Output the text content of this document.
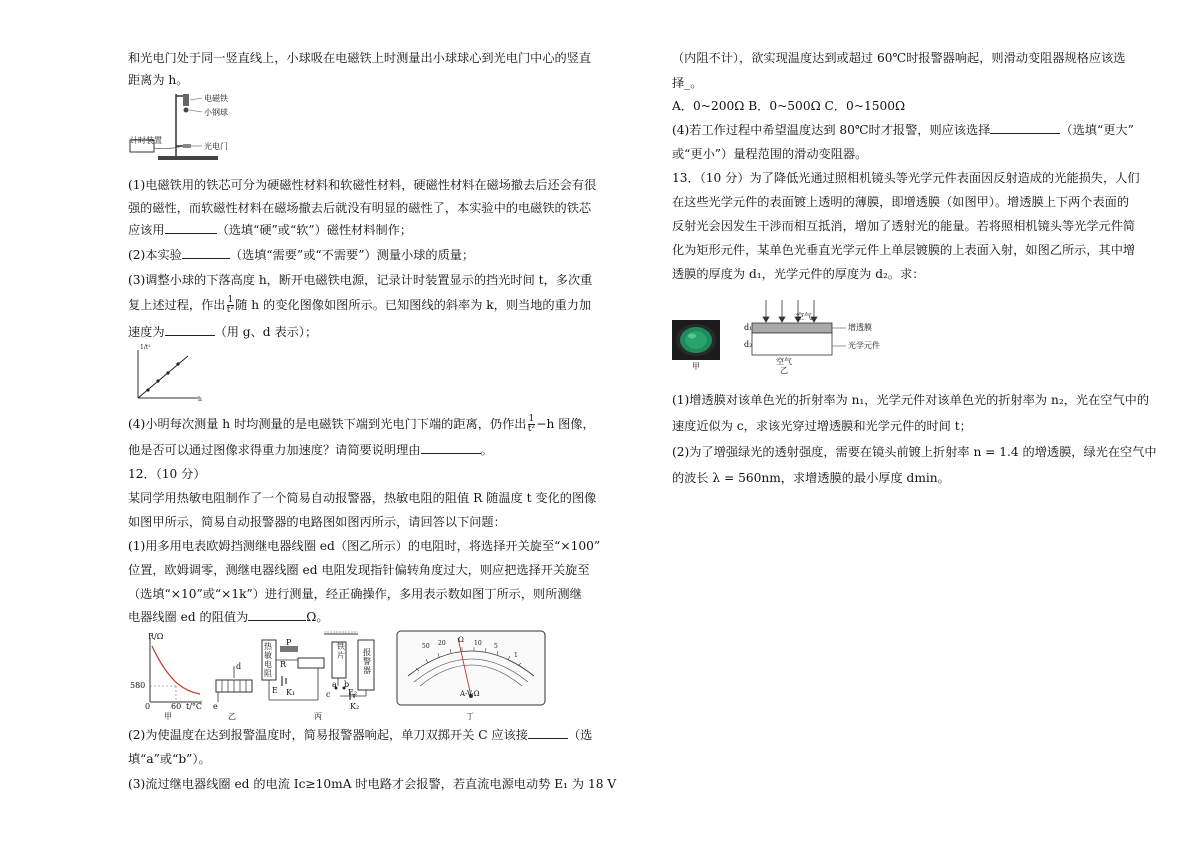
和光电门处于同一竖直线上，小球吸在电磁铁上时测量出小球球心到光电门中心的竖直
距离为 h。
电磁铁
小钢球
计时装置
光电门
(1)电磁铁用的铁芯可分为硬磁性材料和软磁性材料，硬磁性材料在磁场撤去后还会有很
强的磁性，而软磁性材料在磁场撤去后就没有明显的磁性了，本实验中的电磁铁的铁芯
应该用	（选填“硬”或“软”）磁性材料制作；
(2)本实验	（选填“需要”或“不需要”）测量小球的质量；
(3)调整小球的下落高度 h，断开电磁铁电源，记录计时装置显示的挡光时间 t，多次重
复上述过程，作出 $\frac{1}{\text{t²}}$ 随 h 的变化图像如图所示。已知图线的斜率为 k，则当地的重力加
速度为	（用 g、d 表示）；
1/t²
h
(4)小明每次测量 h 时均测量的是电磁铁下端到光电门下端的距离，仍作出 $\frac{1}{\text{t²}} -h$ 图像，
他是否可以通过图像求得重力加速度？请简要说明理由	。
12．（10 分）
某同学用热敏电阻制作了一个简易自动报警器，热敏电阻的阻值 R 随温度 t 变化的图像
如图甲所示，简易自动报警器的电路图如图丙所示，请回答以下问题：
(1)用多用电表欧姆挡测继电器线圈 ed（图乙所示）的电阻时，将选择开关旋至“×100”
位置，欧姆调零，测继电器线圈 ed 电阻发现指针偏转角度过大，则应把选择开关旋至
（选填“×10”或“×1k”）进行测量，经正确操作，多用表示数如图丁所示，则所测继
电器线圈 ed 的阻值为	Ω。
R/Ω
580
0	60 t/°C
甲
d
e
乙
热敏电阻
铁片 报警器
P
R
E K₁
a b
c E₂
K₂
丙
Ω
50 20	10 5
1
A-V-Ω
丁
(2)为使温度在达到报警温度时，简易报警器响起，单刀双掷开关 C 应该接	（选
填“a”或“b”）。
(3)流过继电器线圈 ed 的电流 Ic≥10mA 时电路才会报警，若直流电源电动势 E₁ 为 18 V
（内阻不计），欲实现温度达到或超过 60℃时报警器响起，则滑动变阻器规格应该选
择_。
A．0~200Ω B．0~500Ω C．0~1500Ω
(4)若工作过程中希望温度达到 80℃时才报警，则应该选择	（选填“更大”
或“更小”）量程范围的滑动变阻器。
13．（10 分）为了降低光通过照相机镜头等光学元件表面因反射造成的光能损失，人们
在这些光学元件的表面镀上透明的薄膜，即增透膜（如图甲）。增透膜上下两个表面的
反射光会因发生干涉而相互抵消，增加了透射光的能量。若将照相机镜头等光学元件简
化为矩形元件，某单色光垂直光学元件上单层镀膜的上表面入射，如图乙所示，其中增
透膜的厚度为 d₁，光学元件的厚度为 d₂。求：
甲
空气
d₁
d₂
增透膜
光学元件
空气
乙
(1)增透膜对该单色光的折射率为 n₁，光学元件对该单色光的折射率为 n₂，光在空气中的
速度近似为 c，求该光穿过增透膜和光学元件的时间 t；
(2)为了增强绿光的透射强度，需要在镜头前镀上折射率 n = 1.4 的增透膜，绿光在空气中
的波长 λ = 560nm，求增透膜的最小厚度 dmin。
